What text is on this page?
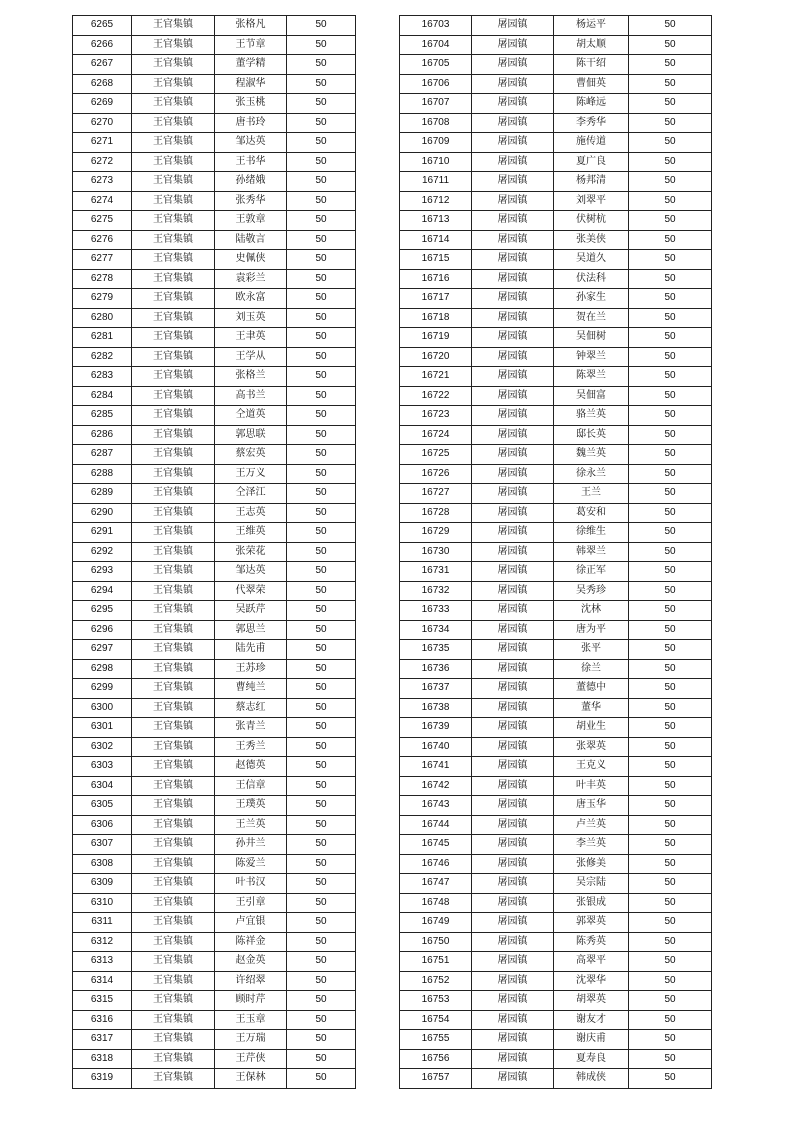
6265	王官集镇	张格凡	50
6266	王官集镇	王节章	50
6267	王官集镇	董学精	50
6268	王官集镇	程淑华	50
6269	王官集镇	张玉桃	50
6270	王官集镇	唐书玲	50
6271	王官集镇	邹达英	50
6272	王官集镇	王书华	50
6273	王官集镇	孙绪娥	50
6274	王官集镇	张秀华	50
6275	王官集镇	王敦章	50
6276	王官集镇	陆敬言	50
6277	王官集镇	史佩侠	50
6278	王官集镇	袁彩兰	50
6279	王官集镇	欧永富	50
6280	王官集镇	刘玉英	50
6281	王官集镇	王聿英	50
6282	王官集镇	王学从	50
6283	王官集镇	张格兰	50
6284	王官集镇	高书兰	50
6285	王官集镇	仝道英	50
6286	王官集镇	郭思联	50
6287	王官集镇	蔡宏英	50
6288	王官集镇	王万义	50
6289	王官集镇	仝泽江	50
6290	王官集镇	王志英	50
6291	王官集镇	王维英	50
6292	王官集镇	张荣花	50
6293	王官集镇	邹达英	50
6294	王官集镇	代翠荣	50
6295	王官集镇	吴跃芹	50
6296	王官集镇	郭思兰	50
6297	王官集镇	陆先甫	50
6298	王官集镇	王苏珍	50
6299	王官集镇	曹纯兰	50
6300	王官集镇	蔡志红	50
6301	王官集镇	张青兰	50
6302	王官集镇	王秀兰	50
6303	王官集镇	赵德英	50
6304	王官集镇	王信章	50
6305	王官集镇	王璞英	50
6306	王官集镇	王兰英	50
6307	王官集镇	孙井兰	50
6308	王官集镇	陈爱兰	50
6309	王官集镇	叶书汉	50
6310	王官集镇	王引章	50
6311	王官集镇	卢宜银	50
6312	王官集镇	陈祥金	50
6313	王官集镇	赵金英	50
6314	王官集镇	许绍翠	50
6315	王官集镇	顾时芹	50
6316	王官集镇	王玉章	50
6317	王官集镇	王万瑞	50
6318	王官集镇	王芹侠	50
6319	王官集镇	王保林	50
16703	屠园镇	杨运平	50
16704	屠园镇	胡太顺	50
16705	屠园镇	陈干绍	50
16706	屠园镇	曹佃英	50
16707	屠园镇	陈峰远	50
16708	屠园镇	李秀华	50
16709	屠园镇	施传道	50
16710	屠园镇	夏广良	50
16711	屠园镇	杨邦清	50
16712	屠园镇	刘翠平	50
16713	屠园镇	伏树杭	50
16714	屠园镇	张美侠	50
16715	屠园镇	吴道久	50
16716	屠园镇	伏法科	50
16717	屠园镇	孙家生	50
16718	屠园镇	贺在兰	50
16719	屠园镇	吴佃树	50
16720	屠园镇	钟翠兰	50
16721	屠园镇	陈翠兰	50
16722	屠园镇	吴佃富	50
16723	屠园镇	骆兰英	50
16724	屠园镇	邸长英	50
16725	屠园镇	魏兰英	50
16726	屠园镇	徐永兰	50
16727	屠园镇	王兰	50
16728	屠园镇	葛安和	50
16729	屠园镇	徐维生	50
16730	屠园镇	韩翠兰	50
16731	屠园镇	徐正军	50
16732	屠园镇	吴秀珍	50
16733	屠园镇	沈林	50
16734	屠园镇	唐为平	50
16735	屠园镇	张平	50
16736	屠园镇	徐兰	50
16737	屠园镇	董德中	50
16738	屠园镇	董华	50
16739	屠园镇	胡业生	50
16740	屠园镇	张翠英	50
16741	屠园镇	王克义	50
16742	屠园镇	叶丰英	50
16743	屠园镇	唐玉华	50
16744	屠园镇	卢兰英	50
16745	屠园镇	李兰英	50
16746	屠园镇	张修美	50
16747	屠园镇	吴宗陆	50
16748	屠园镇	张银成	50
16749	屠园镇	郭翠英	50
16750	屠园镇	陈秀英	50
16751	屠园镇	高翠平	50
16752	屠园镇	沈翠华	50
16753	屠园镇	胡翠英	50
16754	屠园镇	谢友才	50
16755	屠园镇	谢庆甫	50
16756	屠园镇	夏寿良	50
16757	屠园镇	韩成侠	50
